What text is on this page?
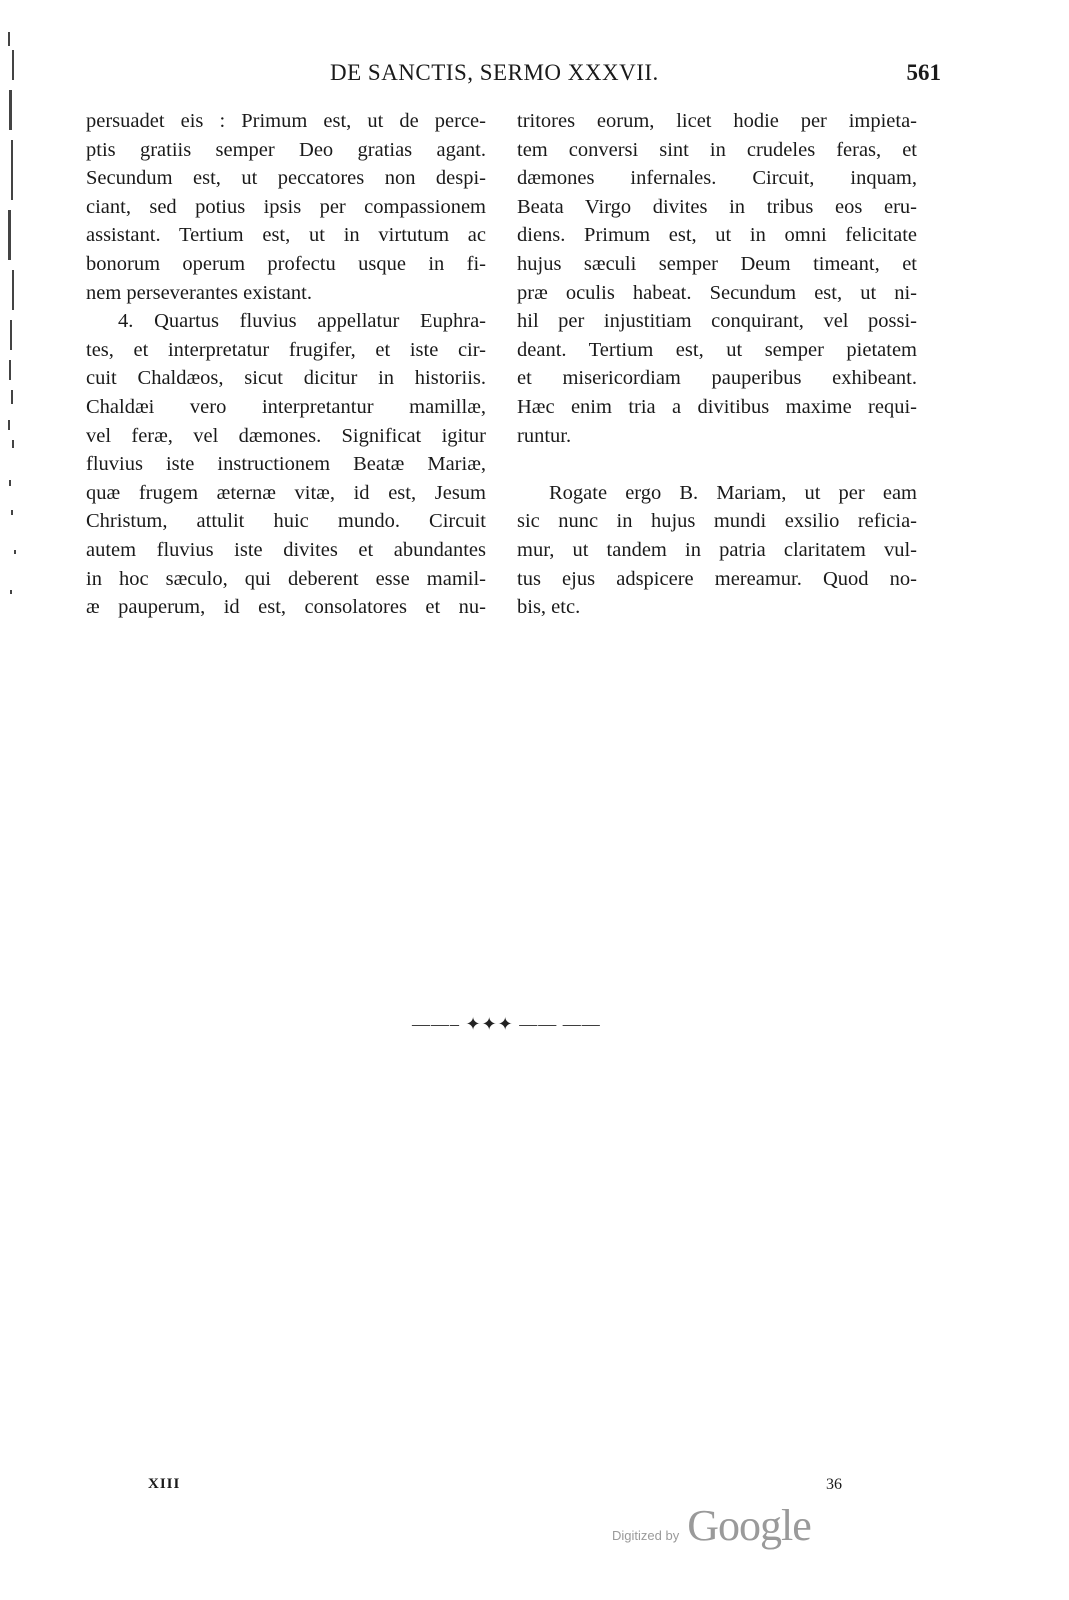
DE SANCTIS, SERMO XXXVII.	561
persuadet eis : Primum est, ut de perce-
ptis gratiis semper Deo gratias agant.
Secundum est, ut peccatores non despi-
ciant, sed potius ipsis per compassionem
assistant. Tertium est, ut in virtutum ac
bonorum operum profectu usque in fi-
nem perseverantes existant.
4. Quartus fluvius appellatur Euphra-
tes, et interpretatur frugifer, et iste cir-
cuit Chaldæos, sicut dicitur in historiis.
Chaldæi vero interpretantur mamillæ,
vel feræ, vel dæmones. Significat igitur
fluvius iste instructionem Beatæ Mariæ,
quæ frugem æternæ vitæ, id est, Jesum
Christum, attulit huic mundo. Circuit
autem fluvius iste divites et abundantes
in hoc sæculo, qui deberent esse mamil-
æ pauperum, id est, consolatores et nu-
tritores eorum, licet hodie per impieta-
tem conversi sint in crudeles feras, et
dæmones infernales. Circuit, inquam,
Beata Virgo divites in tribus eos eru-
diens. Primum est, ut in omni felicitate
hujus sæculi semper Deum timeant, et
præ oculis habeat. Secundum est, ut ni-
hil per injustitiam conquirant, vel possi-
deant. Tertium est, ut semper pietatem
et misericordiam pauperibus exhibeant.
Hæc enim tria a divitibus maxime requi-
runtur.
Rogate ergo B. Mariam, ut per eam
sic nunc in hujus mundi exsilio reficia-
mur, ut tandem in patria claritatem vul-
tus ejus adspicere mereamur. Quod no-
bis, etc.
——– ✦✦✦ —— ——
XIII	36
Digitized by Google
